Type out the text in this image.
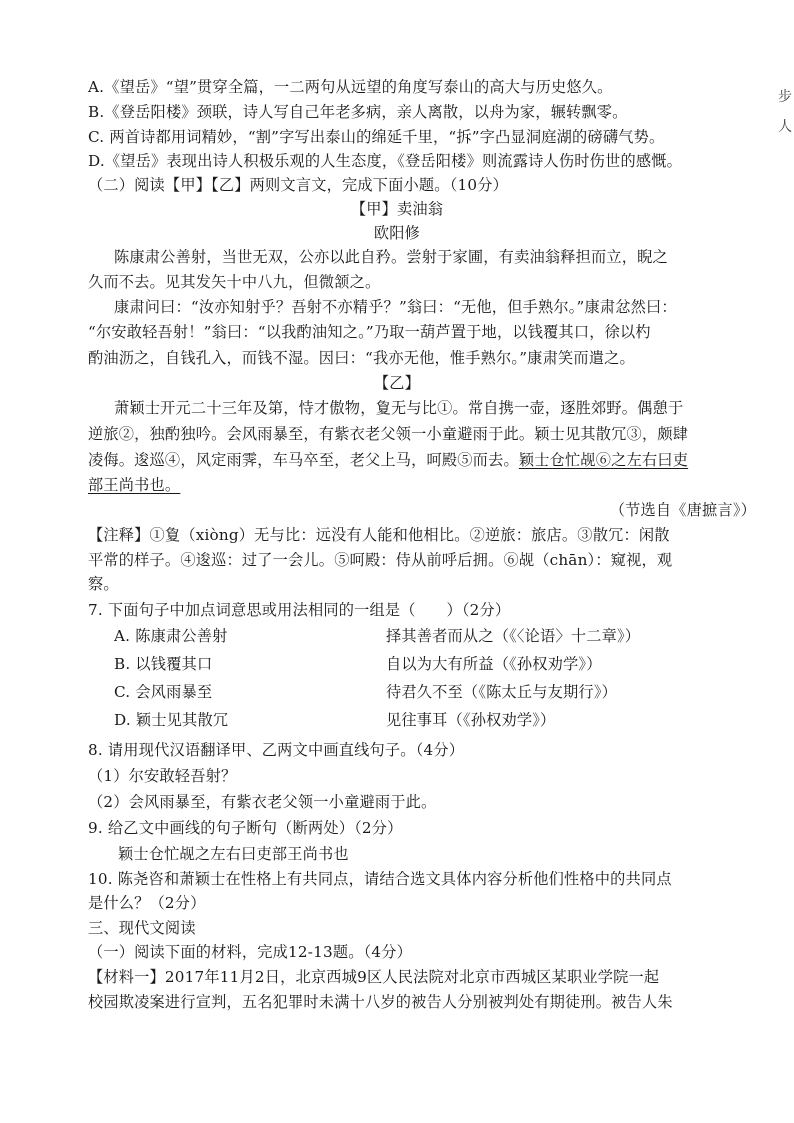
步
人
A.《望岳》“望”贯穿全篇，一二两句从远望的角度写泰山的高大与历史悠久。
B.《登岳阳楼》颈联，诗人写自己年老多病，亲人离散，以舟为家，辗转飘零。
C. 两首诗都用词精妙，“割”字写出泰山的绵延千里，“拆”字凸显洞庭湖的磅礴气势。
D.《望岳》表现出诗人积极乐观的人生态度，《登岳阳楼》则流露诗人伤时伤世的感慨。
（二）阅读【甲】【乙】两则文言文，完成下面小题。（10分）
【甲】卖油翁
欧阳修
陈康肃公善射，当世无双，公亦以此自矜。尝射于家圃，有卖油翁释担而立，睨之
久而不去。见其发矢十中八九，但微颔之。
康肃问曰：“汝亦知射乎？吾射不亦精乎？”翁曰：“无他，但手熟尔。”康肃忿然曰：
“尔安敢轻吾射！”翁曰：“以我酌油知之。”乃取一葫芦置于地，以钱覆其口，徐以杓
酌油沥之，自钱孔入，而钱不湿。因曰：“我亦无他，惟手熟尔。”康肃笑而遣之。
【乙】
萧颖士开元二十三年及第，恃才傲物，夐无与比①。常自携一壶，逐胜郊野。偶憩于
逆旅②，独酌独吟。会风雨暴至，有紫衣老父领一小童避雨于此。颖士见其散冗③，颇肆
凌侮。逡巡④，风定雨霁，车马卒至，老父上马，呵殿⑤而去。颖士仓忙觇⑥之左右曰吏
部王尚书也。
（节选自《唐摭言》）
【注释】①夐（xiòng）无与比：远没有人能和他相比。②逆旅：旅店。③散冗：闲散
平常的样子。④逡巡：过了一会儿。⑤呵殿：侍从前呼后拥。⑥觇（chān）：窥视，观
察。
7. 下面句子中加点词意思或用法相同的一组是（　　）（2分）
A. 陈康肃公善射	择其善者而从之（《〈论语〉十二章》）
B. 以钱覆其口	自以为大有所益（《孙权劝学》）
C. 会风雨暴至	待君久不至（《陈太丘与友期行》）
D. 颖士见其散冗	见往事耳（《孙权劝学》）
8. 请用现代汉语翻译甲、乙两文中画直线句子。（4分）
（1）尔安敢轻吾射？
（2）会风雨暴至，有紫衣老父领一小童避雨于此。
9. 给乙文中画线的句子断句（断两处）（2分）
颖士仓忙觇之左右曰吏部王尚书也
10. 陈尧咨和萧颖士在性格上有共同点，请结合选文具体内容分析他们性格中的共同点
是什么？（2分）
三、现代文阅读
（一）阅读下面的材料，完成12-13题。（4分）
【材料一】2017年11月2日，北京西城9区人民法院对北京市西城区某职业学院一起
校园欺凌案进行宣判，五名犯罪时未满十八岁的被告人分别被判处有期徒刑。被告人朱
